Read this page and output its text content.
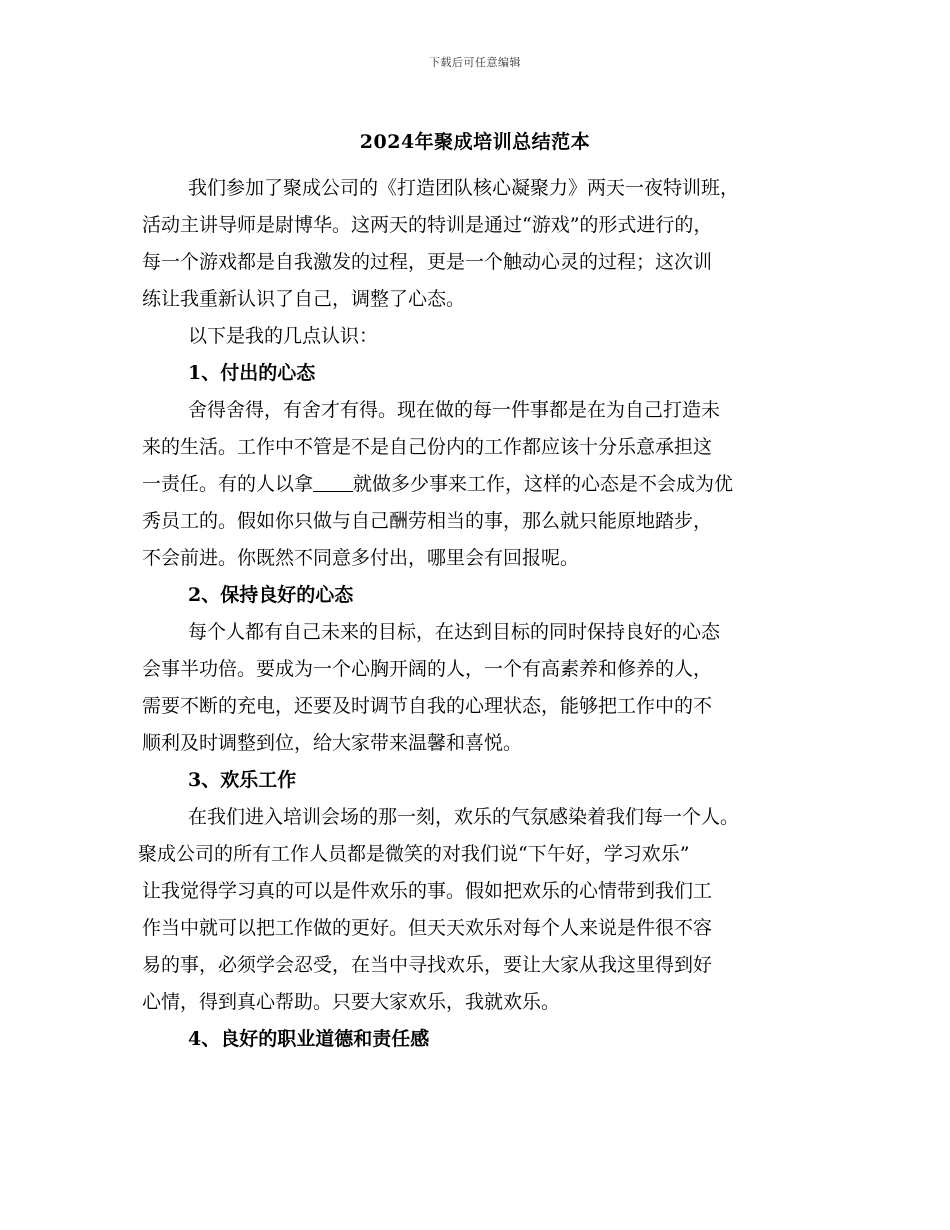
下载后可任意编辑
2024年聚成培训总结范本
我们参加了聚成公司的《打造团队核心凝聚力》两天一夜特训班，
活动主讲导师是尉博华。这两天的特训是通过“游戏”的形式进行的，
每一个游戏都是自我激发的过程，更是一个触动心灵的过程；这次训
练让我重新认识了自己，调整了心态。
以下是我的几点认识：
1、付出的心态
舍得舍得，有舍才有得。现在做的每一件事都是在为自己打造未
来的生活。工作中不管是不是自己份内的工作都应该十分乐意承担这
一责任。有的人以拿 就做多少事来工作，这样的心态是不会成为优
秀员工的。假如你只做与自己酬劳相当的事，那么就只能原地踏步，
不会前进。你既然不同意多付出，哪里会有回报呢。
2、保持良好的心态
每个人都有自己未来的目标，在达到目标的同时保持良好的心态
会事半功倍。要成为一个心胸开阔的人，一个有高素养和修养的人，
需要不断的充电，还要及时调节自我的心理状态，能够把工作中的不
顺利及时调整到位，给大家带来温馨和喜悦。
3、欢乐工作
在我们进入培训会场的那一刻，欢乐的气氛感染着我们每一个人。
聚成公司的所有工作人员都是微笑的对我们说“下午好，学习欢乐”
让我觉得学习真的可以是件欢乐的事。假如把欢乐的心情带到我们工
作当中就可以把工作做的更好。但天天欢乐对每个人来说是件很不容
易的事，必须学会忍受，在当中寻找欢乐，要让大家从我这里得到好
心情，得到真心帮助。只要大家欢乐，我就欢乐。
4、良好的职业道德和责任感
